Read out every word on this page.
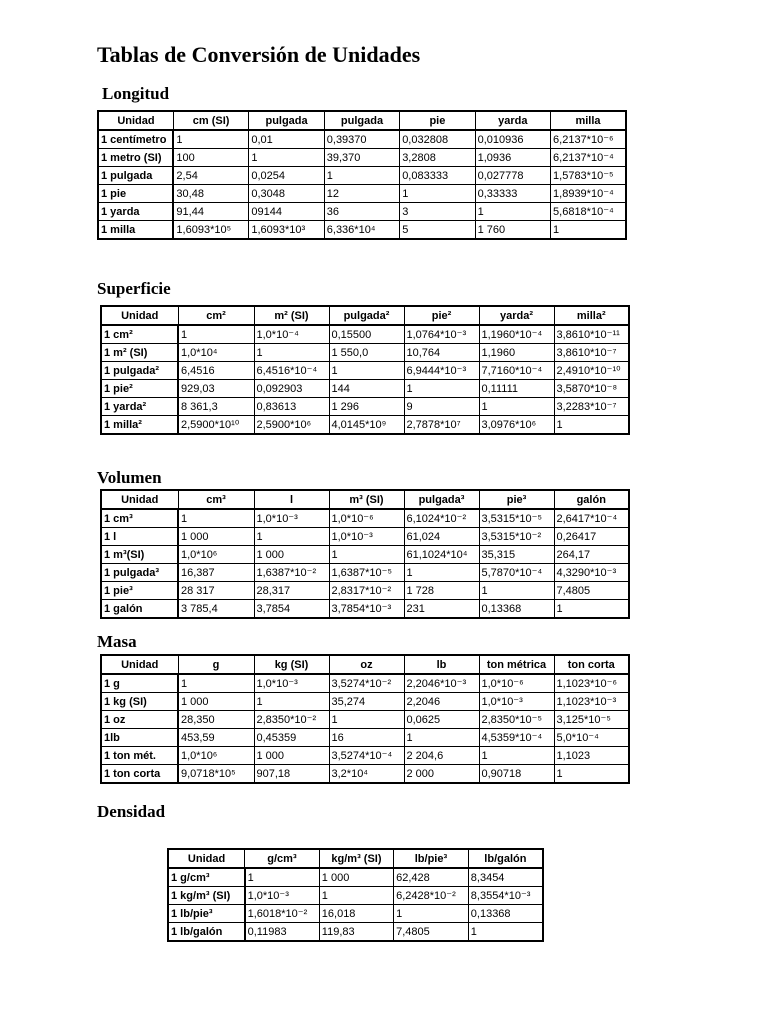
Tablas de Conversión de Unidades
Longitud
Unidad	cm (SI)	pulgada	pulgada	pie	yarda	milla
1 centímetro	1	0,01	0,39370	0,032808	0,010936	6,2137*10⁻⁶
1 metro (SI)	100	1	39,370	3,2808	1,0936	6,2137*10⁻⁴
1 pulgada	2,54	0,0254	1	0,083333	0,027778	1,5783*10⁻⁵
1 pie	30,48	0,3048	12	1	0,33333	1,8939*10⁻⁴
1 yarda	91,44	09144	36	3	1	5,6818*10⁻⁴
1 milla	1,6093*10⁵	1,6093*10³	6,336*10⁴	5	1 760	1
Superficie
Unidad	cm²	m² (SI)	pulgada²	pie²	yarda²	milla²
1 cm²	1	1,0*10⁻⁴	0,15500	1,0764*10⁻³	1,1960*10⁻⁴	3,8610*10⁻¹¹
1 m² (SI)	1,0*10⁴	1	1 550,0	10,764	1,1960	3,8610*10⁻⁷
1 pulgada²	6,4516	6,4516*10⁻⁴	1	6,9444*10⁻³	7,7160*10⁻⁴	2,4910*10⁻¹⁰
1 pie²	929,03	0,092903	144	1	0,11111	3,5870*10⁻⁸
1 yarda²	8 361,3	0,83613	1 296	9	1	3,2283*10⁻⁷
1 milla²	2,5900*10¹⁰	2,5900*10⁶	4,0145*10⁹	2,7878*10⁷	3,0976*10⁶	1
Volumen
Unidad	cm³	l	m³ (SI)	pulgada³	pie³	galón
1 cm³	1	1,0*10⁻³	1,0*10⁻⁶	6,1024*10⁻²	3,5315*10⁻⁵	2,6417*10⁻⁴
1 l	1 000	1	1,0*10⁻³	61,024	3,5315*10⁻²	0,26417
1 m³(SI)	1,0*10⁶	1 000	1	61,1024*10⁴	35,315	264,17
1 pulgada³	16,387	1,6387*10⁻²	1,6387*10⁻⁵	1	5,7870*10⁻⁴	4,3290*10⁻³
1 pie³	28 317	28,317	2,8317*10⁻²	1 728	1	7,4805
1 galón	3 785,4	3,7854	3,7854*10⁻³	231	0,13368	1
Masa
Unidad	g	kg (SI)	oz	lb	ton métrica	ton corta
1 g	1	1,0*10⁻³	3,5274*10⁻²	2,2046*10⁻³	1,0*10⁻⁶	1,1023*10⁻⁶
1 kg (SI)	1 000	1	35,274	2,2046	1,0*10⁻³	1,1023*10⁻³
1 oz	28,350	2,8350*10⁻²	1	0,0625	2,8350*10⁻⁵	3,125*10⁻⁵
1lb	453,59	0,45359	16	1	4,5359*10⁻⁴	5,0*10⁻⁴
1 ton mét.	1,0*10⁶	1 000	3,5274*10⁻⁴	2 204,6	1	1,1023
1 ton corta	9,0718*10⁵	907,18	3,2*10⁴	2 000	0,90718	1
Densidad
Unidad	g/cm³	kg/m³ (SI)	lb/pie³	lb/galón
1 g/cm³	1	1 000	62,428	8,3454
1 kg/m³ (SI)	1,0*10⁻³	1	6,2428*10⁻²	8,3554*10⁻³
1 lb/pie³	1,6018*10⁻²	16,018	1	0,13368
1 lb/galón	0,11983	119,83	7,4805	1
